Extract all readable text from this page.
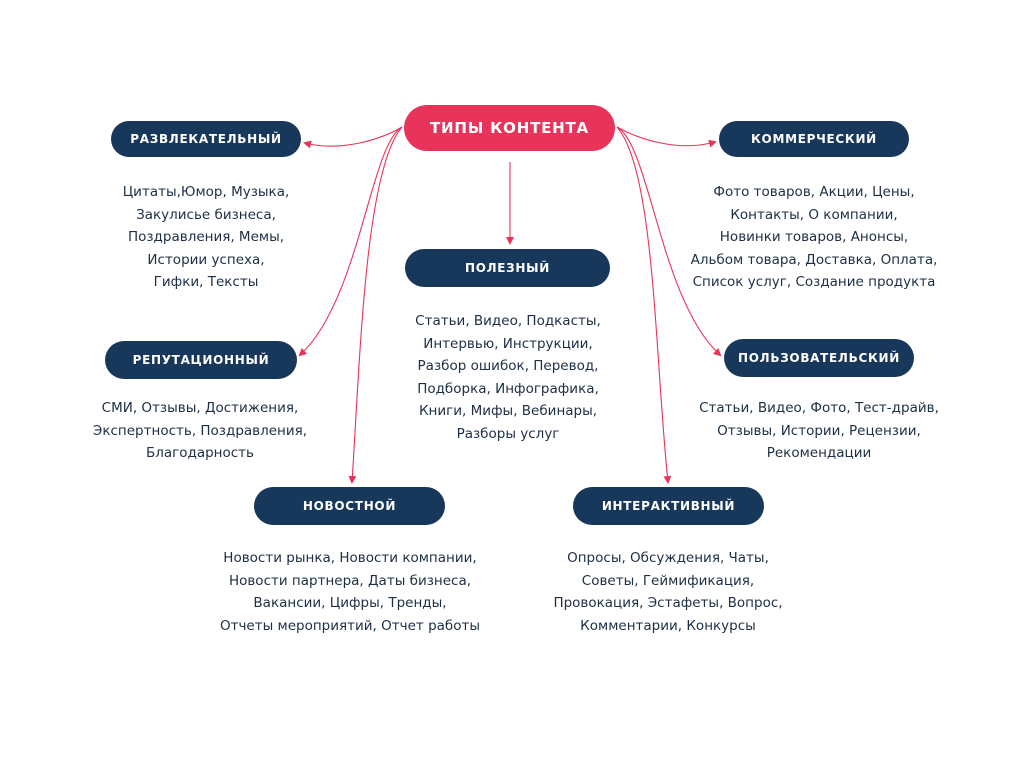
ТИПЫ КОНТЕНТА
РАЗВЛЕКАТЕЛЬНЫЙ
Цитаты,Юмор, Музыка,
Закулисье бизнеса,
Поздравления, Мемы,
Истории успеха,
Гифки, Тексты
КОММЕРЧЕСКИЙ
Фото товаров, Акции, Цены,
Контакты, О компании,
Новинки товаров, Анонсы,
Альбом товара, Доставка, Оплата,
Список услуг, Создание продукта
ПОЛЕЗНЫЙ
Статьи, Видео, Подкасты,
Интервью, Инструкции,
Разбор ошибок, Перевод,
Подборка, Инфографика,
Книги, Мифы, Вебинары,
Разборы услуг
РЕПУТАЦИОННЫЙ
СМИ, Отзывы, Достижения,
Экспертность, Поздравления,
Благодарность
ПОЛЬЗОВАТЕЛЬСКИЙ
Статьи, Видео, Фото, Тест-драйв,
Отзывы, Истории, Рецензии,
Рекомендации
НОВОСТНОЙ
Новости рынка, Новости компании,
Новости партнера, Даты бизнеса,
Вакансии, Цифры, Тренды,
Отчеты мероприятий, Отчет работы
ИНТЕРАКТИВНЫЙ
Опросы, Обсуждения, Чаты,
Советы, Геймификация,
Провокация, Эстафеты, Вопрос,
Комментарии, Конкурсы
